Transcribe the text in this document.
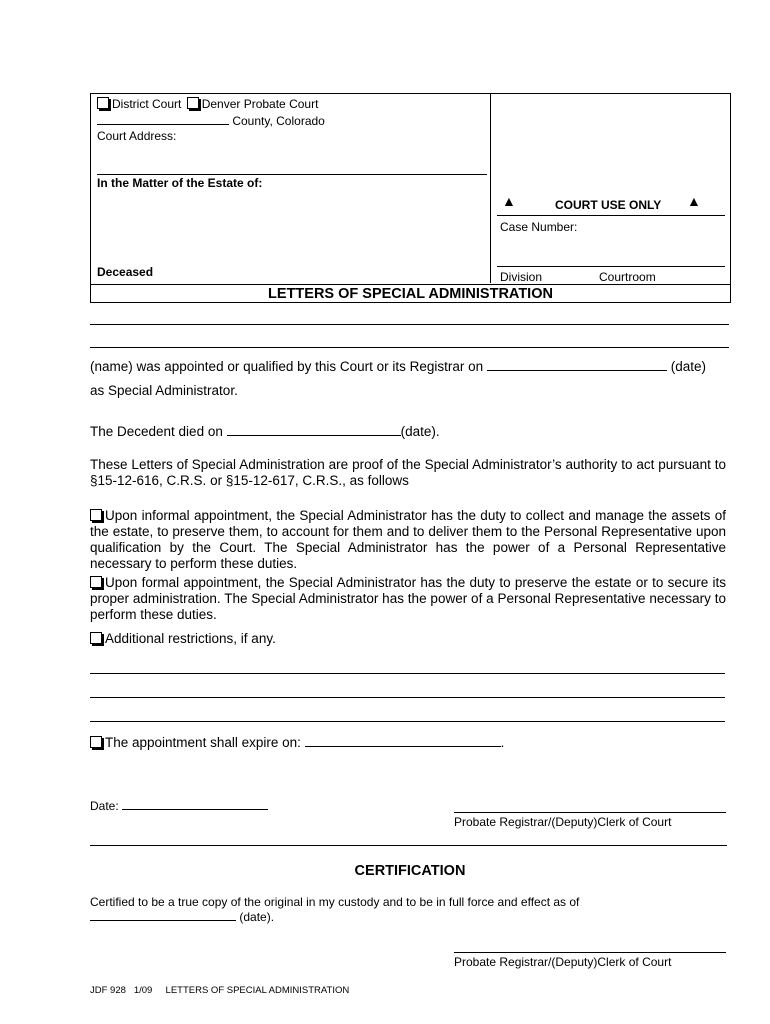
District Court Denver Probate Court
County, Colorado
Court Address:
In the Matter of the Estate of:
Deceased
▲	COURT USE ONLY ▲
Case Number:
Division	Courtroom
LETTERS OF SPECIAL ADMINISTRATION
(name) was appointed or qualified by this Court or its Registrar on	(date)
as Special Administrator.
The Decedent died on	(date).
These Letters of Special Administration are proof of the Special Administrator’s authority to act pursuant to §15-12-616, C.R.S. or §15-12-617, C.R.S., as follows
Upon informal appointment, the Special Administrator has the duty to collect and manage the assets of the estate, to preserve them, to account for them and to deliver them to the Personal Representative upon qualification by the Court. The Special Administrator has the power of a Personal Representative necessary to perform these duties.
Upon formal appointment, the Special Administrator has the duty to preserve the estate or to secure its proper administration. The Special Administrator has the power of a Personal Representative necessary to perform these duties.
Additional restrictions, if any.
The appointment shall expire on:	.
Date:
Probate Registrar/(Deputy)Clerk of Court
CERTIFICATION
Certified to be a true copy of the original in my custody and to be in full force and effect as of
(date).
Probate Registrar/(Deputy)Clerk of Court
JDF 928 1/09 LETTERS OF SPECIAL ADMINISTRATION
